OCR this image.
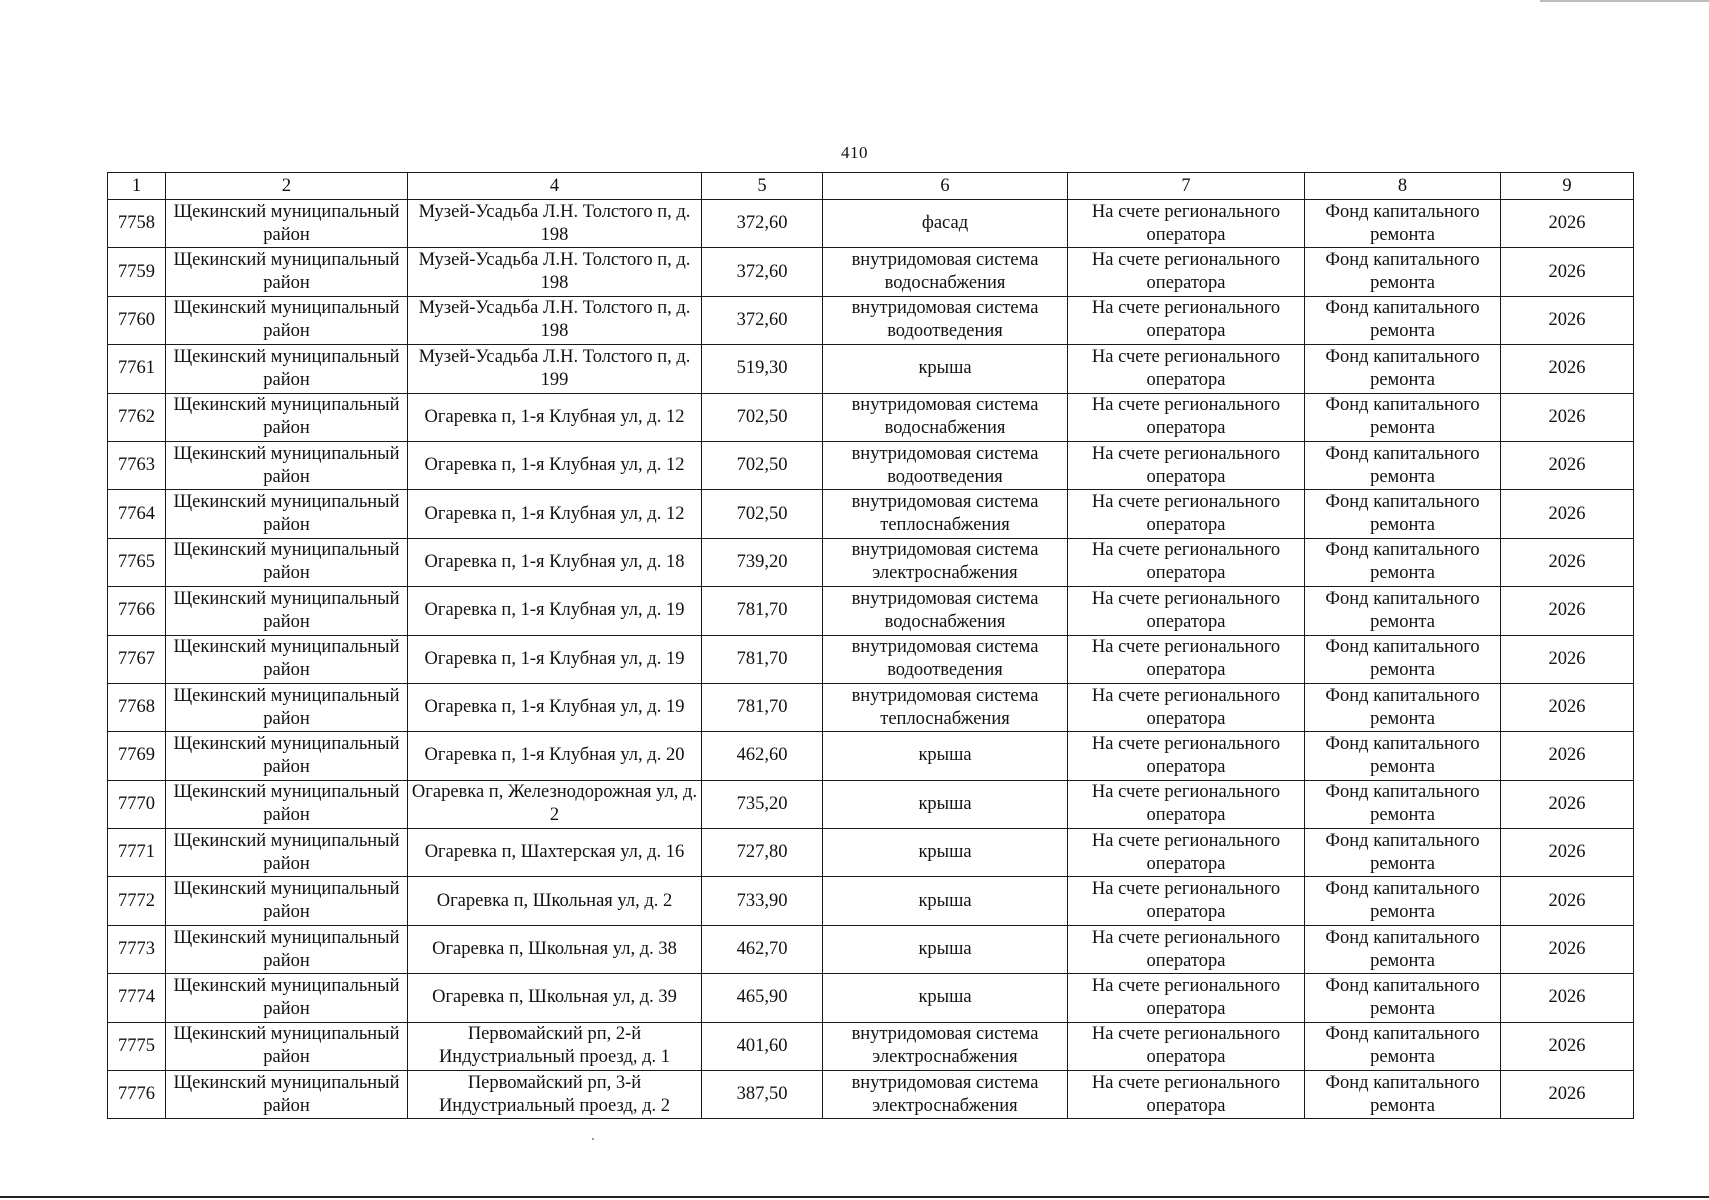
410
1	2	4	5	6	7	8	9
7758	Щекинский муниципальный район	Музей-Усадьба Л.Н. Толстого п, д. 198	372,60	фасад	На счете регионального оператора	Фонд капитального ремонта	2026
7759	Щекинский муниципальный район	Музей-Усадьба Л.Н. Толстого п, д. 198	372,60	внутридомовая система водоснабжения	На счете регионального оператора	Фонд капитального ремонта	2026
7760	Щекинский муниципальный район	Музей-Усадьба Л.Н. Толстого п, д. 198	372,60	внутридомовая система водоотведения	На счете регионального оператора	Фонд капитального ремонта	2026
7761	Щекинский муниципальный район	Музей-Усадьба Л.Н. Толстого п, д. 199	519,30	крыша	На счете регионального оператора	Фонд капитального ремонта	2026
7762	Щекинский муниципальный район	Огаревка п, 1-я Клубная ул, д. 12	702,50	внутридомовая система водоснабжения	На счете регионального оператора	Фонд капитального ремонта	2026
7763	Щекинский муниципальный район	Огаревка п, 1-я Клубная ул, д. 12	702,50	внутридомовая система водоотведения	На счете регионального оператора	Фонд капитального ремонта	2026
7764	Щекинский муниципальный район	Огаревка п, 1-я Клубная ул, д. 12	702,50	внутридомовая система теплоснабжения	На счете регионального оператора	Фонд капитального ремонта	2026
7765	Щекинский муниципальный район	Огаревка п, 1-я Клубная ул, д. 18	739,20	внутридомовая система электроснабжения	На счете регионального оператора	Фонд капитального ремонта	2026
7766	Щекинский муниципальный район	Огаревка п, 1-я Клубная ул, д. 19	781,70	внутридомовая система водоснабжения	На счете регионального оператора	Фонд капитального ремонта	2026
7767	Щекинский муниципальный район	Огаревка п, 1-я Клубная ул, д. 19	781,70	внутридомовая система водоотведения	На счете регионального оператора	Фонд капитального ремонта	2026
7768	Щекинский муниципальный район	Огаревка п, 1-я Клубная ул, д. 19	781,70	внутридомовая система теплоснабжения	На счете регионального оператора	Фонд капитального ремонта	2026
7769	Щекинский муниципальный район	Огаревка п, 1-я Клубная ул, д. 20	462,60	крыша	На счете регионального оператора	Фонд капитального ремонта	2026
7770	Щекинский муниципальный район	Огаревка п, Железнодорожная ул, д. 2	735,20	крыша	На счете регионального оператора	Фонд капитального ремонта	2026
7771	Щекинский муниципальный район	Огаревка п, Шахтерская ул, д. 16	727,80	крыша	На счете регионального оператора	Фонд капитального ремонта	2026
7772	Щекинский муниципальный район	Огаревка п, Школьная ул, д. 2	733,90	крыша	На счете регионального оператора	Фонд капитального ремонта	2026
7773	Щекинский муниципальный район	Огаревка п, Школьная ул, д. 38	462,70	крыша	На счете регионального оператора	Фонд капитального ремонта	2026
7774	Щекинский муниципальный район	Огаревка п, Школьная ул, д. 39	465,90	крыша	На счете регионального оператора	Фонд капитального ремонта	2026
7775	Щекинский муниципальный район	Первомайский рп, 2-й Индустриальный проезд, д. 1	401,60	внутридомовая система электроснабжения	На счете регионального оператора	Фонд капитального ремонта	2026
7776	Щекинский муниципальный район	Первомайский рп, 3-й Индустриальный проезд, д. 2	387,50	внутридомовая система электроснабжения	На счете регионального оператора	Фонд капитального ремонта	2026
